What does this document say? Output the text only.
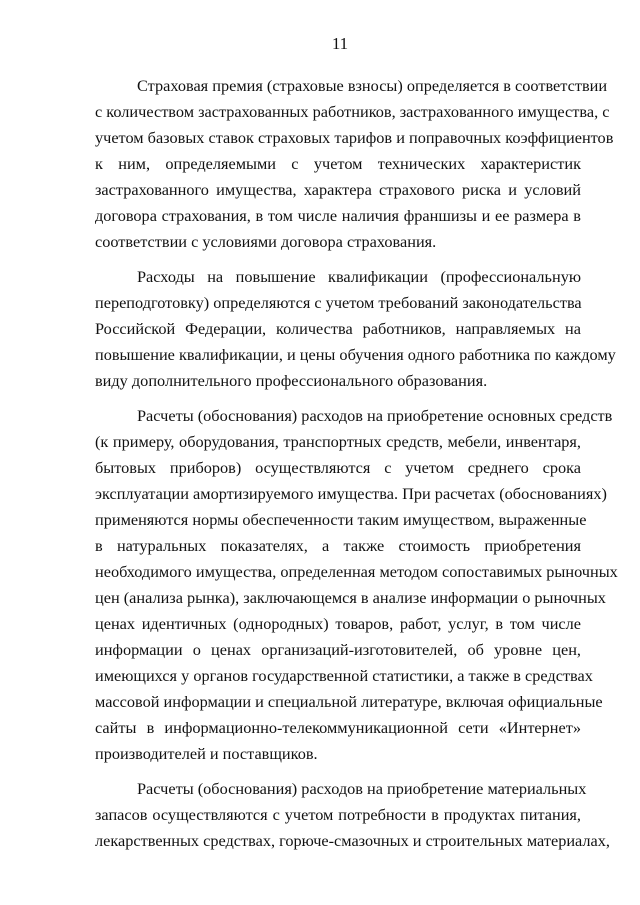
11
Страховая премия (страховые взносы) определяется в соответствии
с количеством застрахованных работников, застрахованного имущества, с
учетом базовых ставок страховых тарифов и поправочных коэффициентов
к ним, определяемыми с учетом технических характеристик
застрахованного имущества, характера страхового риска и условий
договора страхования, в том числе наличия франшизы и ее размера в
соответствии с условиями договора страхования.
Расходы на повышение квалификации (профессиональную
переподготовку) определяются с учетом требований законодательства
Российской Федерации, количества работников, направляемых на
повышение квалификации, и цены обучения одного работника по каждому
виду дополнительного профессионального образования.
Расчеты (обоснования) расходов на приобретение основных средств
(к примеру, оборудования, транспортных средств, мебели, инвентаря,
бытовых приборов) осуществляются с учетом среднего срока
эксплуатации амортизируемого имущества. При расчетах (обоснованиях)
применяются нормы обеспеченности таким имуществом, выраженные
в натуральных показателях, а также стоимость приобретения
необходимого имущества, определенная методом сопоставимых рыночных
цен (анализа рынка), заключающемся в анализе информации о рыночных
ценах идентичных (однородных) товаров, работ, услуг, в том числе
информации о ценах организаций-изготовителей, об уровне цен,
имеющихся у органов государственной статистики, а также в средствах
массовой информации и специальной литературе, включая официальные
сайты в информационно-телекоммуникационной сети «Интернет»
производителей и поставщиков.
Расчеты (обоснования) расходов на приобретение материальных
запасов осуществляются с учетом потребности в продуктах питания,
лекарственных средствах, горюче-смазочных и строительных материалах,
